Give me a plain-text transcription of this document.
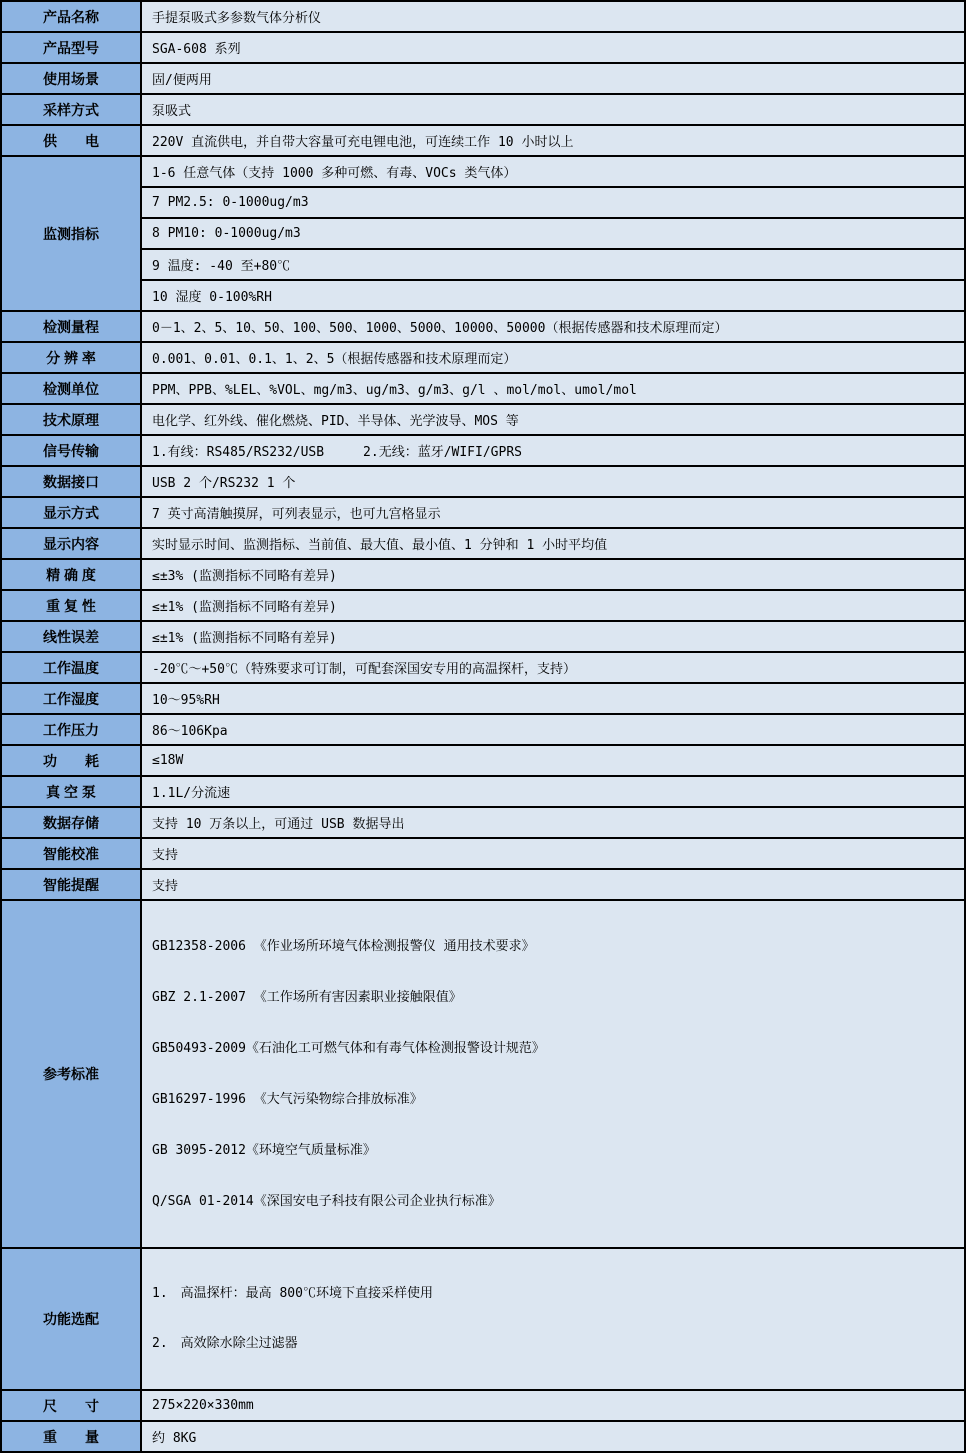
产品名称	手提泵吸式多参数气体分析仪
产品型号	SGA-608 系列
使用场景	固/便两用
采样方式	泵吸式
供　　电	220V 直流供电，并自带大容量可充电锂电池，可连续工作 10 小时以上
监测指标	1-6 任意气体（支持 1000 多种可燃、有毒、VOCs 类气体）
	7 PM2.5: 0-1000ug/m3
	8 PM10: 0-1000ug/m3
	9 温度: -40 至+80℃
	10 湿度 0-100%RH
检测量程	0－1、2、5、10、50、100、500、1000、5000、10000、50000（根据传感器和技术原理而定）
分 辨 率	0.001、0.01、0.1、1、2、5（根据传感器和技术原理而定）
检测单位	PPM、PPB、%LEL、%VOL、mg/m3、ug/m3、g/m3、g/l 、mol/mol、umol/mol
技术原理	电化学、红外线、催化燃烧、PID、半导体、光学波导、MOS 等
信号传输	1.有线：RS485/RS232/USB　　　2.无线：蓝牙/WIFI/GPRS
数据接口	USB 2 个/RS232 1 个
显示方式	7 英寸高清触摸屏，可列表显示，也可九宫格显示
显示内容	实时显示时间、监测指标、当前值、最大值、最小值、1 分钟和 1 小时平均值
精 确 度	≤±3% (监测指标不同略有差异)
重 复 性	≤±1% (监测指标不同略有差异)
线性误差	≤±1% (监测指标不同略有差异)
工作温度	-20℃～+50℃（特殊要求可订制，可配套深国安专用的高温探杆，支持）
工作湿度	10～95%RH
工作压力	86～106Kpa
功　　耗	≤18W
真 空 泵	1.1L/分流速
数据存储	支持 10 万条以上，可通过 USB 数据导出
智能校准	支持
智能提醒	支持
参考标准	

GB12358-2006 《作业场所环境气体检测报警仪 通用技术要求》

GBZ 2.1-2007 《工作场所有害因素职业接触限值》

GB50493-2009《石油化工可燃气体和有毒气体检测报警设计规范》

GB16297-1996 《大气污染物综合排放标准》

GB 3095-2012《环境空气质量标准》

Q/SGA 01-2014《深国安电子科技有限公司企业执行标准》

功能选配	1.　高温探杆：最高 800℃环境下直接采样使用

2.　高效除水除尘过滤器

尺　　寸	275×220×330mm
重　　量	约 8KG
